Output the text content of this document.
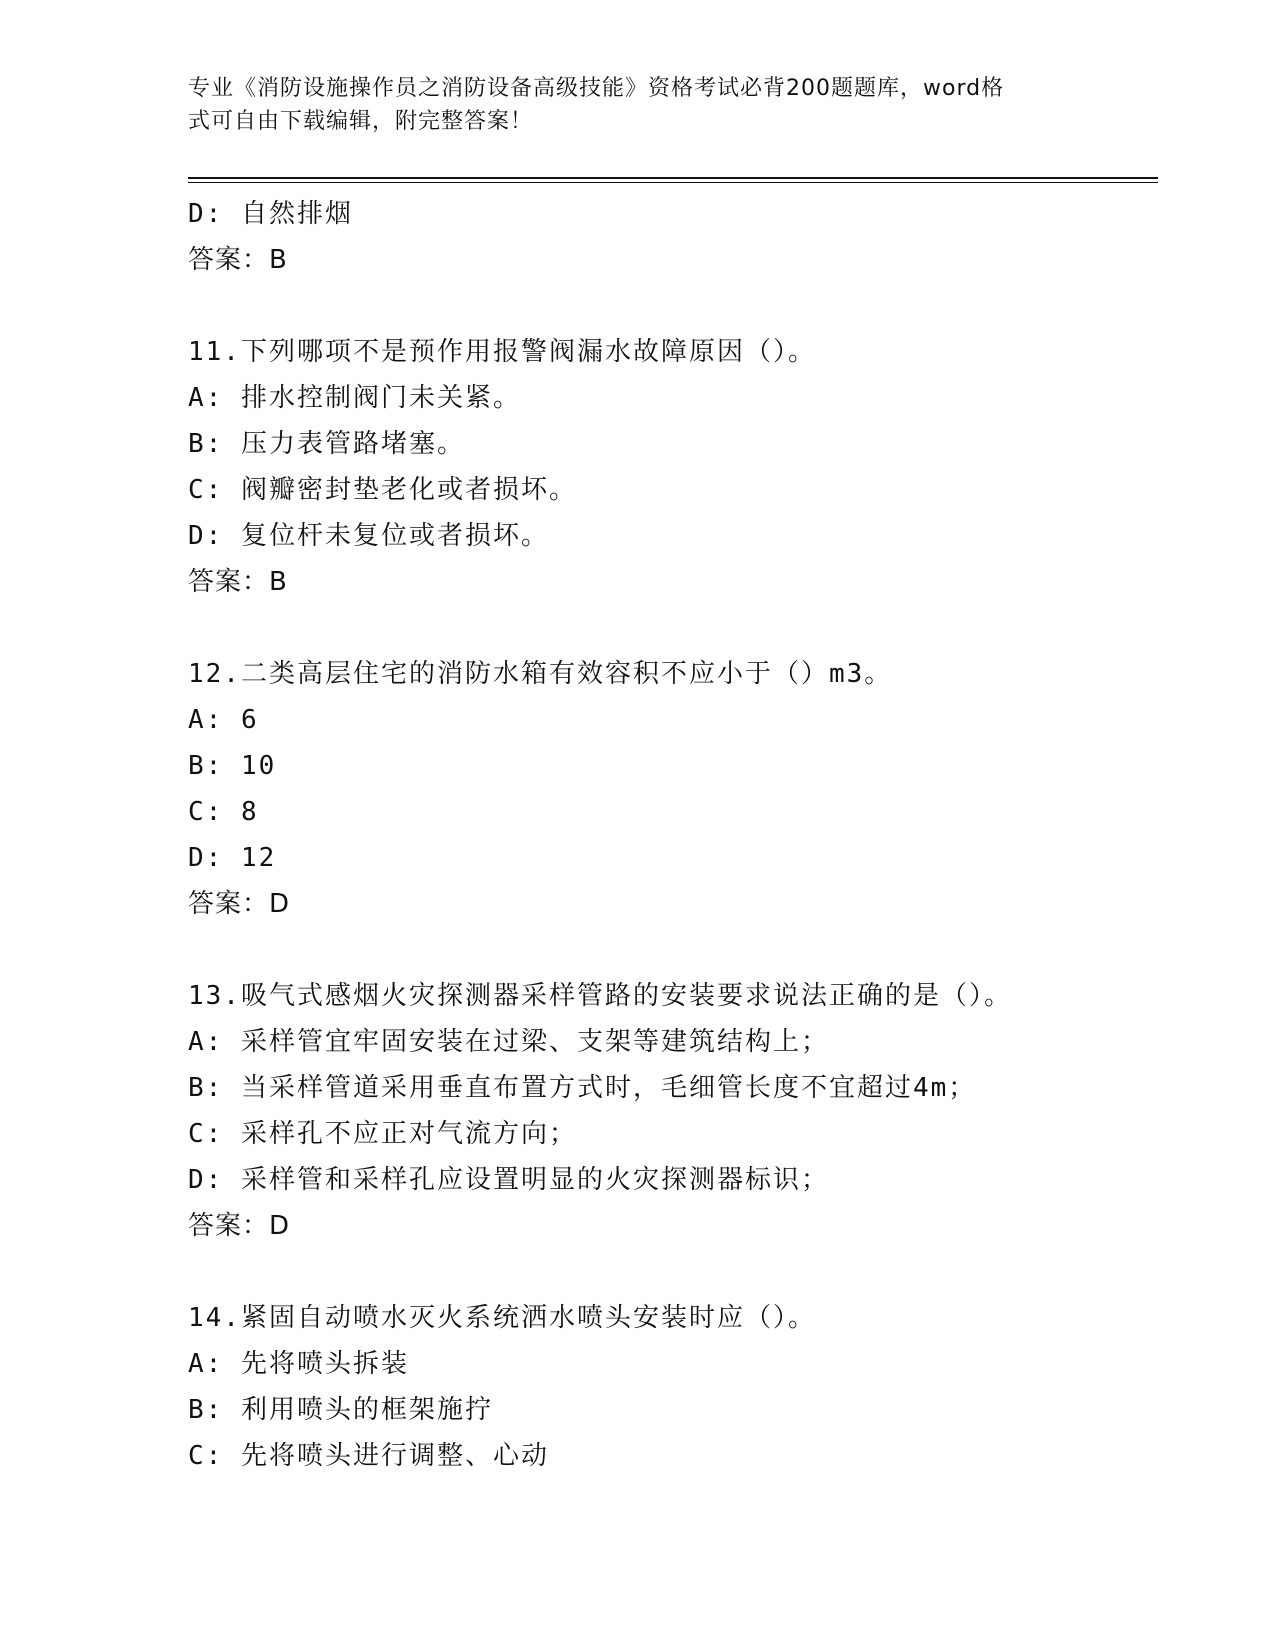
专业《消防设施操作员之消防设备高级技能》资格考试必背200题题库，word格
式可自由下载编辑，附完整答案！
D: 自然排烟
答案：B
11.下列哪项不是预作用报警阀漏水故障原因（）。
A: 排水控制阀门未关紧。
B: 压力表管路堵塞。
C: 阀瓣密封垫老化或者损坏。
D: 复位杆未复位或者损坏。
答案：B
12.二类高层住宅的消防水箱有效容积不应小于（）m3。
A: 6
B: 10
C: 8
D: 12
答案：D
13.吸气式感烟火灾探测器采样管路的安装要求说法正确的是（）。
A: 采样管宜牢固安装在过梁、支架等建筑结构上；
B: 当采样管道采用垂直布置方式时，毛细管长度不宜超过4m；
C: 采样孔不应正对气流方向；
D: 采样管和采样孔应设置明显的火灾探测器标识；
答案：D
14.紧固自动喷水灭火系统洒水喷头安装时应（）。
A: 先将喷头拆装
B: 利用喷头的框架施拧
C: 先将喷头进行调整、心动
